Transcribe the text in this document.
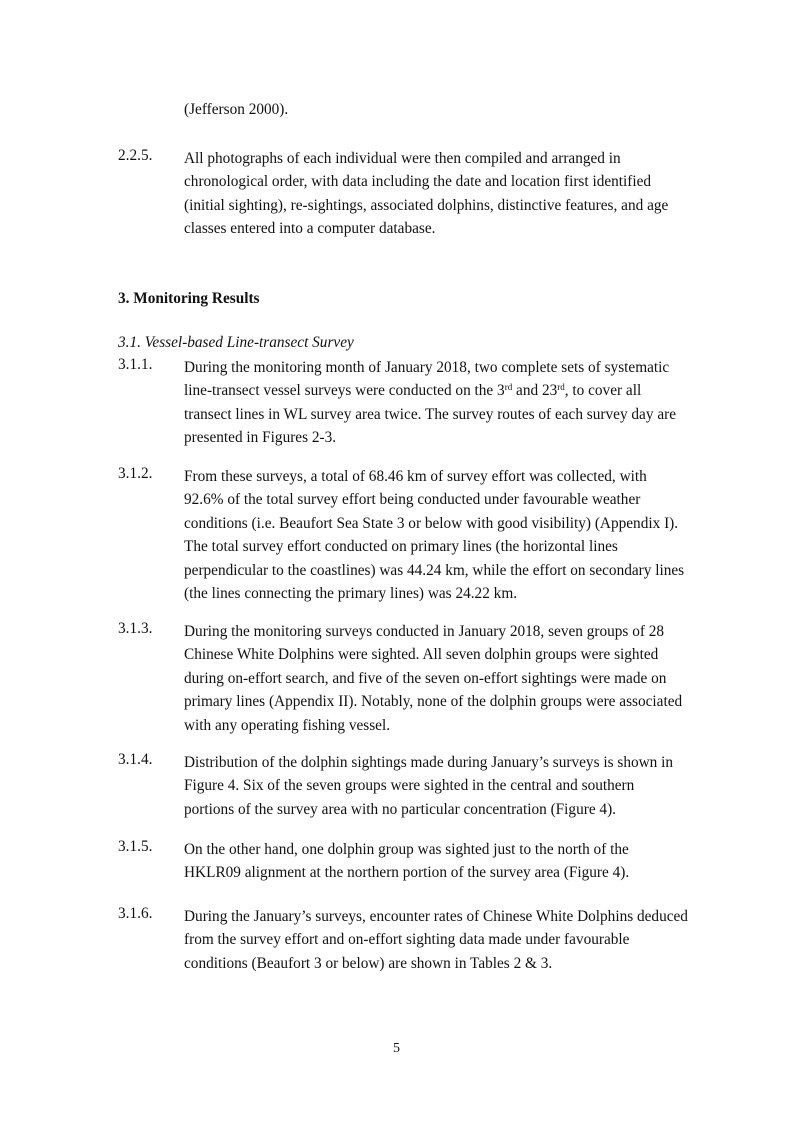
(Jefferson 2000).
2.2.5.	All photographs of each individual were then compiled and arranged in chronological order, with data including the date and location first identified (initial sighting), re-sightings, associated dolphins, distinctive features, and age classes entered into a computer database.
3. Monitoring Results
3.1. Vessel-based Line-transect Survey
3.1.1.	During the monitoring month of January 2018, two complete sets of systematic line-transect vessel surveys were conducted on the 3rd and 23rd, to cover all transect lines in WL survey area twice. The survey routes of each survey day are presented in Figures 2-3.
3.1.2.	From these surveys, a total of 68.46 km of survey effort was collected, with 92.6% of the total survey effort being conducted under favourable weather conditions (i.e. Beaufort Sea State 3 or below with good visibility) (Appendix I). The total survey effort conducted on primary lines (the horizontal lines perpendicular to the coastlines) was 44.24 km, while the effort on secondary lines (the lines connecting the primary lines) was 24.22 km.
3.1.3.	During the monitoring surveys conducted in January 2018, seven groups of 28 Chinese White Dolphins were sighted. All seven dolphin groups were sighted during on-effort search, and five of the seven on-effort sightings were made on primary lines (Appendix II). Notably, none of the dolphin groups were associated with any operating fishing vessel.
3.1.4.	Distribution of the dolphin sightings made during January’s surveys is shown in Figure 4. Six of the seven groups were sighted in the central and southern portions of the survey area with no particular concentration (Figure 4).
3.1.5.	On the other hand, one dolphin group was sighted just to the north of the HKLR09 alignment at the northern portion of the survey area (Figure 4).
3.1.6.	During the January’s surveys, encounter rates of Chinese White Dolphins deduced from the survey effort and on-effort sighting data made under favourable conditions (Beaufort 3 or below) are shown in Tables 2 & 3.
5
